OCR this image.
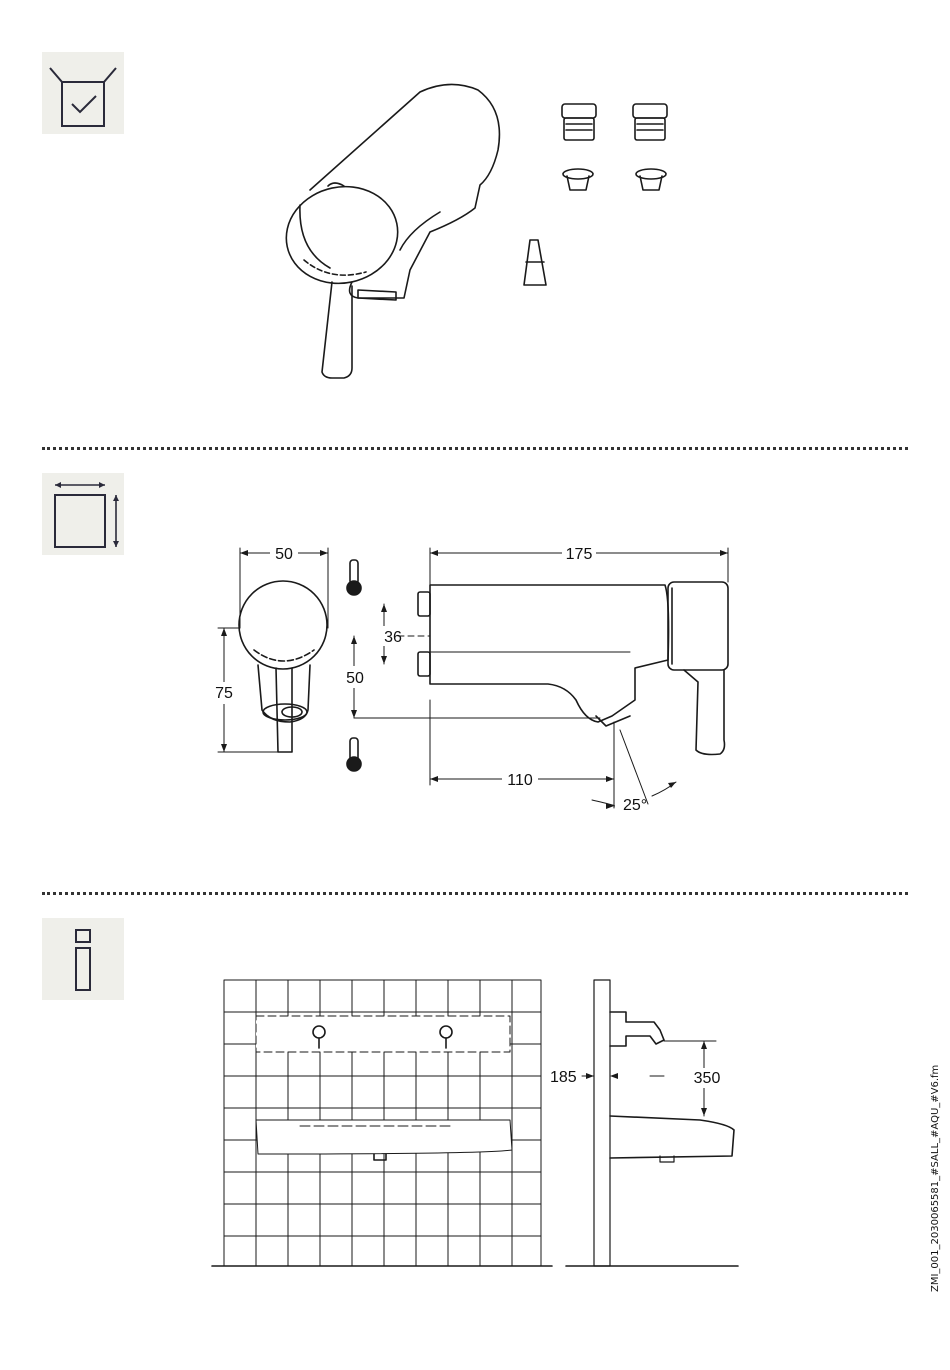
50	175
36
50
75
110
25°
185	350	ZMI_001_2030065581_#SALL_#AQU_#V6.fm
